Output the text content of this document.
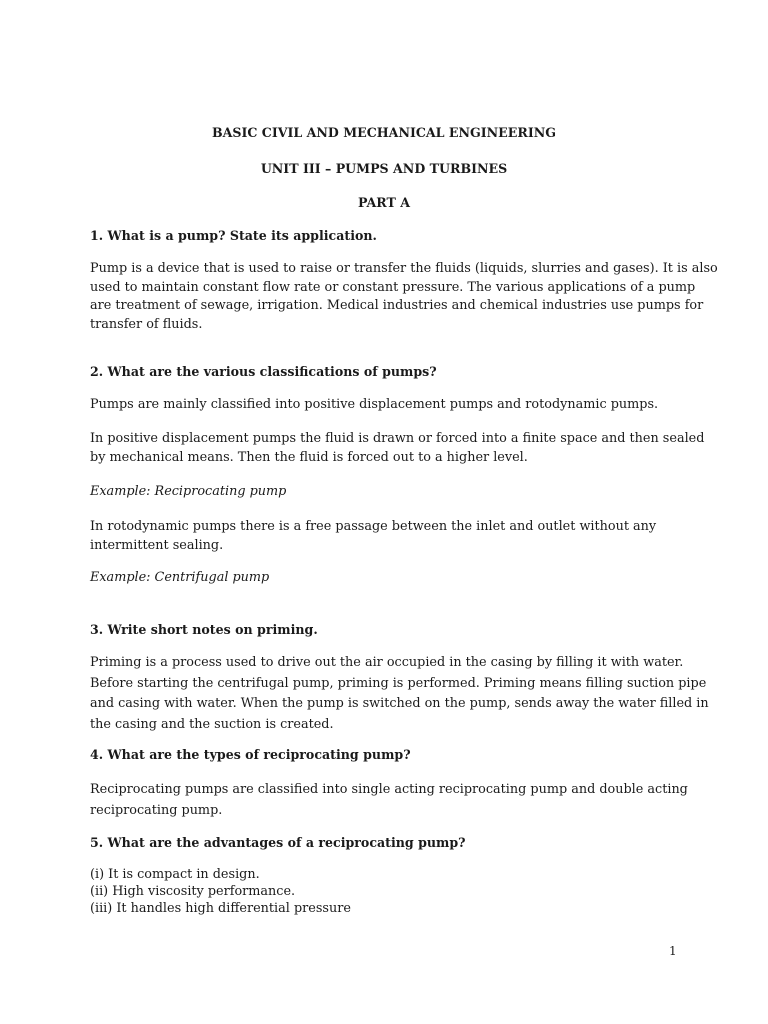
BASIC CIVIL AND MECHANICAL ENGINEERING

UNIT III – PUMPS AND TURBINES

PART A

1. What is a pump? State its application.

Pump is a device that is used to raise or transfer the fluids (liquids, slurries and gases). It is also
used to maintain constant flow rate or constant pressure. The various applications of a pump
are treatment of sewage, irrigation. Medical industries and chemical industries use pumps for
transfer of fluids.

2. What are the various classifications of pumps?

Pumps are mainly classified into positive displacement pumps and rotodynamic pumps.

In positive displacement pumps the fluid is drawn or forced into a finite space and then sealed
by mechanical means. Then the fluid is forced out to a higher level.

Example: Reciprocating pump

In rotodynamic pumps there is a free passage between the inlet and outlet without any
intermittent sealing.

Example: Centrifugal pump

3. Write short notes on priming.

Priming is a process used to drive out the air occupied in the casing by filling it with water.
Before starting the centrifugal pump, priming is performed. Priming means filling suction pipe
and casing with water. When the pump is switched on the pump, sends away the water filled in
the casing and the suction is created.

4. What are the types of reciprocating pump?

Reciprocating pumps are classified into single acting reciprocating pump and double acting
reciprocating pump.

5. What are the advantages of a reciprocating pump?

(i) It is compact in design.
(ii) High viscosity performance.
(iii) It handles high differential pressure

1
